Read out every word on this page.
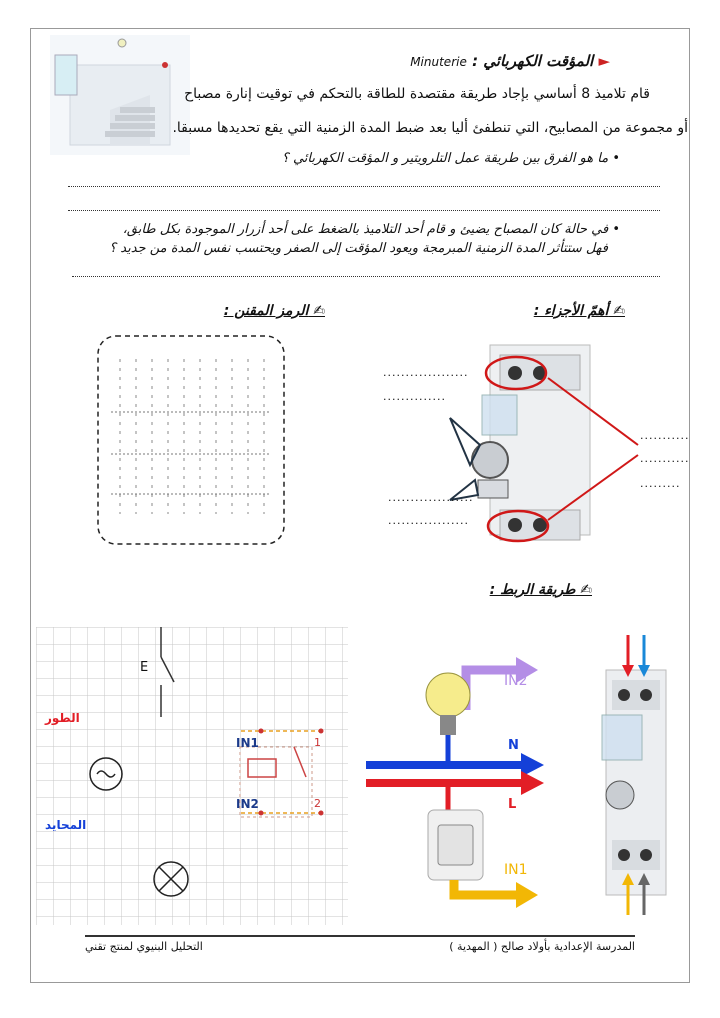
► المؤقت الكهربائي : Minuterie
قام تلاميذ 8 أساسي بإجاد طريقة مقتصدة للطاقة بالتحكم في توقيت إنارة مصباح
أو مجموعة من المصابيح، التي تنطفئ أليا بعد ضبط المدة الزمنية التي يقع تحديدها مسبقا.
• ما هو الفرق بين طريقة عمل التلرويتير و المؤقت الكهربائي ؟
• في حالة كان المصباح يضيئ و قام أحد التلاميذ بالضغط على أحد أزرار الموجودة بكل طابق،
فهل ستتأثر المدة الزمنية المبرمجة ويعود المؤقت إلى الصفر ويحتسب نفس المدة من جديد ؟
✍ الرمز المقنن :	✍ أهمّ الأجزاء :
...................
..............
...................
..................
...........
...........
.........
✍ طريقة الربط :
الطور
المحايد
E
IN1
IN2
1
2
IN2
N
L
IN1
المدرسة الإعدادية بأولاد صالح ( المهدية )
التحليل البنيوي لمنتج تقني
